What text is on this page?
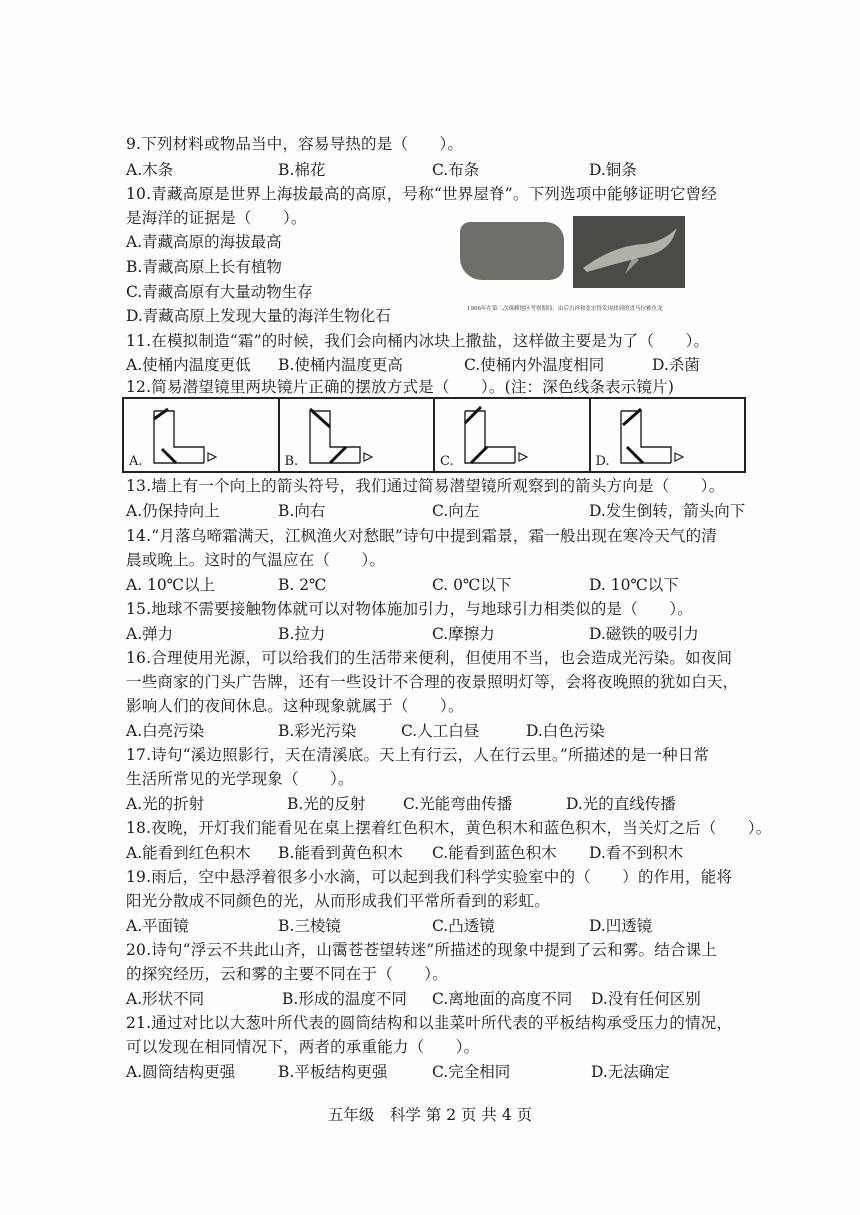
9.下列材料或物品当中，容易导热的是（　　）。
A.木条	B.棉花	C.布条	D.铜条
10.青藏高原是世界上海拔最高的高原，号称“世界屋脊”。下列选项中能够证明它曾经
是海洋的证据是（　　）。
A.青藏高原的海拔最高
B.青藏高原上长有植物
C.青藏高原有大量动物生存
D.青藏高原上发现大量的海洋生物化石	1966年在第二次珠峰地区考察期间，由后占祥和张宏得发现找到的喜马拉雅鱼龙
11.在模拟制造“霜”的时候，我们会向桶内冰块上撒盐，这样做主要是为了（　　）。
A.使桶内温度更低 B.使桶内温度更高	C.使桶内外温度相同	D.杀菌
12.简易潜望镜里两块镜片正确的摆放方式是（　　）。(注：深色线条表示镜片)
A.	B.	C.	D.
13.墙上有一个向上的箭头符号，我们通过简易潜望镜所观察到的箭头方向是（　　）。
A.仍保持向上	B.向右	C.向左	D.发生倒转，箭头向下
14.“月落乌啼霜满天，江枫渔火对愁眠”诗句中提到霜景，霜一般出现在寒冷天气的清
晨或晚上。这时的气温应在（　　）。
A. 10℃以上	B. 2℃	C. 0℃以下	D. 10℃以下
15.地球不需要接触物体就可以对物体施加引力，与地球引力相类似的是（　　）。
A.弹力	B.拉力	C.摩擦力	D.磁铁的吸引力
16.合理使用光源，可以给我们的生活带来便利，但使用不当，也会造成光污染。如夜间
一些商家的门头广告牌，还有一些设计不合理的夜景照明灯等，会将夜晚照的犹如白天，
影响人们的夜间休息。这种现象就属于（　　）。
A.白亮污染	B.彩光污染	C.人工白昼	D.白色污染
17.诗句“溪边照影行，天在清溪底。天上有行云，人在行云里。”所描述的是一种日常
生活所常见的光学现象（　　）。
A.光的折射	B.光的反射 C.光能弯曲传播	D.光的直线传播
18.夜晚，开灯我们能看见在桌上摆着红色积木，黄色积木和蓝色积木，当关灯之后（　　）。
A.能看到红色积木 B.能看到黄色积木 C.能看到蓝色积木 D.看不到积木
19.雨后，空中悬浮着很多小水滴，可以起到我们科学实验室中的（　　）的作用，能将
阳光分散成不同颜色的光，从而形成我们平常所看到的彩虹。
A.平面镜	B.三棱镜	C.凸透镜	D.凹透镜
20.诗句“浮云不共此山齐，山霭苍苍望转迷”所描述的现象中提到了云和雾。结合课上
的探究经历，云和雾的主要不同在于（　　）。
A.形状不同	B.形成的温度不同 C.离地面的高度不同 D.没有任何区别
21.通过对比以大葱叶所代表的圆筒结构和以韭菜叶所代表的平板结构承受压力的情况，
可以发现在相同情况下，两者的承重能力（　　）。
A.圆筒结构更强	B.平板结构更强	C.完全相同	D.无法确定
五年级　科学 第 2 页 共 4 页
